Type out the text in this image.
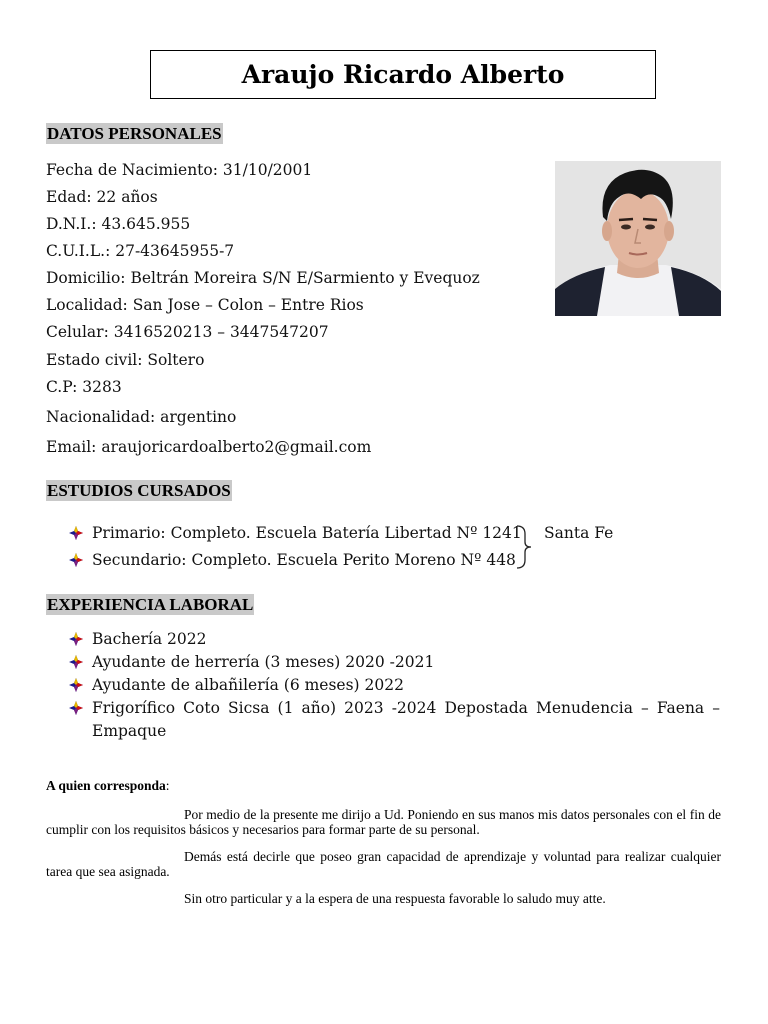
Araujo Ricardo Alberto
DATOS PERSONALES
Fecha de Nacimiento: 31/10/2001
Edad: 22 años
D.N.I.: 43.645.955
C.U.I.L.: 27-43645955-7
Domicilio: Beltrán Moreira S/N E/Sarmiento y Evequoz
Localidad: San Jose – Colon – Entre Rios
Celular: 3416520213 – 3447547207
Estado civil: Soltero
C.P: 3283
Nacionalidad: argentino
Email: araujoricardoalberto2@gmail.com
ESTUDIOS CURSADOS
Primario: Completo. Escuela Batería Libertad Nº 1241
Secundario: Completo. Escuela Perito Moreno Nº 448
Santa Fe
EXPERIENCIA LABORAL
Bachería 2022
Ayudante de herrería (3 meses) 2020 -2021
Ayudante de albañilería (6 meses) 2022
Frigorífico Coto Sicsa (1 año) 2023 -2024 Depostada Menudencia – Faena –
Empaque

A quien corresponda:

Por medio de la presente me dirijo a Ud. Poniendo en sus manos mis datos personales con el fin de cumplir con los requisitos básicos y necesarios para formar parte de su personal.

Demás está decirle que poseo gran capacidad de aprendizaje y voluntad para realizar cualquier tarea que sea asignada.

Sin otro particular y a la espera de una respuesta favorable lo saludo muy atte.
